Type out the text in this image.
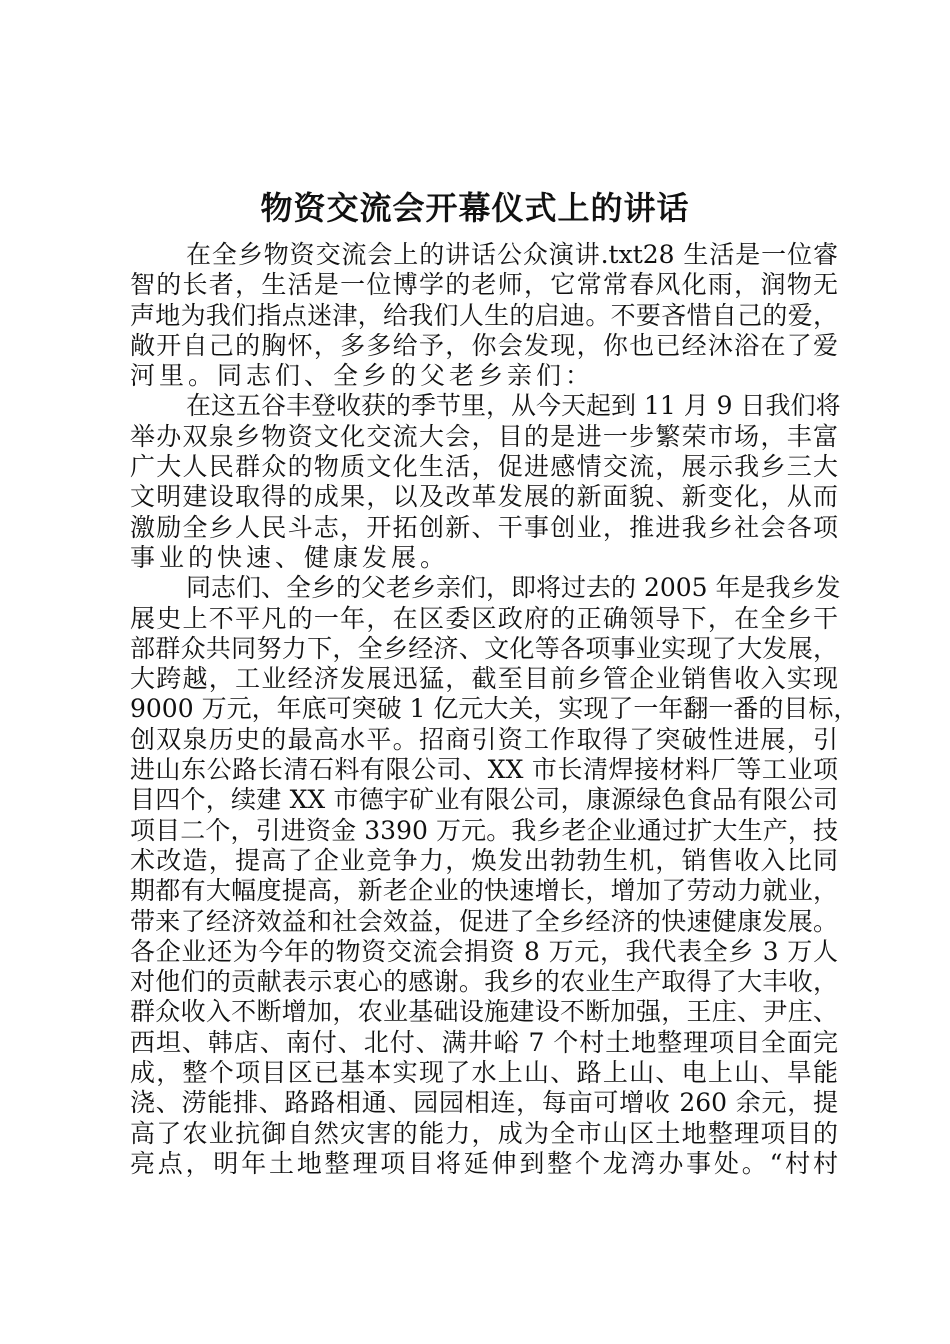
物资交流会开幕仪式上的讲话
在全乡物资交流会上的讲话公众演讲.txt28 生活是一位睿
智的长者，生活是一位博学的老师，它常常春风化雨，润物无
声地为我们指点迷津，给我们人生的启迪。不要吝惜自己的爱，
敞开自己的胸怀，多多给予，你会发现，你也已经沐浴在了爱
河里。同志们、全乡的父老乡亲们：
在这五谷丰登收获的季节里，从今天起到 11 月 9 日我们将
举办双泉乡物资文化交流大会，目的是进一步繁荣市场，丰富
广大人民群众的物质文化生活，促进感情交流，展示我乡三大
文明建设取得的成果，以及改革发展的新面貌、新变化，从而
激励全乡人民斗志，开拓创新、干事创业，推进我乡社会各项
事业的快速、健康发展。
同志们、全乡的父老乡亲们，即将过去的 2005 年是我乡发
展史上不平凡的一年，在区委区政府的正确领导下，在全乡干
部群众共同努力下，全乡经济、文化等各项事业实现了大发展，
大跨越，工业经济发展迅猛，截至目前乡管企业销售收入实现
9000 万元，年底可突破 1 亿元大关，实现了一年翻一番的目标，
创双泉历史的最高水平。招商引资工作取得了突破性进展，引
进山东公路长清石料有限公司、XX 市长清焊接材料厂等工业项
目四个，续建 XX 市德宇矿业有限公司，康源绿色食品有限公司
项目二个，引进资金 3390 万元。我乡老企业通过扩大生产，技
术改造，提高了企业竞争力，焕发出勃勃生机，销售收入比同
期都有大幅度提高，新老企业的快速增长，增加了劳动力就业，
带来了经济效益和社会效益，促进了全乡经济的快速健康发展。
各企业还为今年的物资交流会捐资 8 万元，我代表全乡 3 万人
对他们的贡献表示衷心的感谢。我乡的农业生产取得了大丰收，
群众收入不断增加，农业基础设施建设不断加强，王庄、尹庄、
西坦、韩店、南付、北付、满井峪 7 个村土地整理项目全面完
成，整个项目区已基本实现了水上山、路上山、电上山、旱能
浇、涝能排、路路相通、园园相连，每亩可增收 260 余元，提
高了农业抗御自然灾害的能力，成为全市山区土地整理项目的
亮点，明年土地整理项目将延伸到整个龙湾办事处。“村村
